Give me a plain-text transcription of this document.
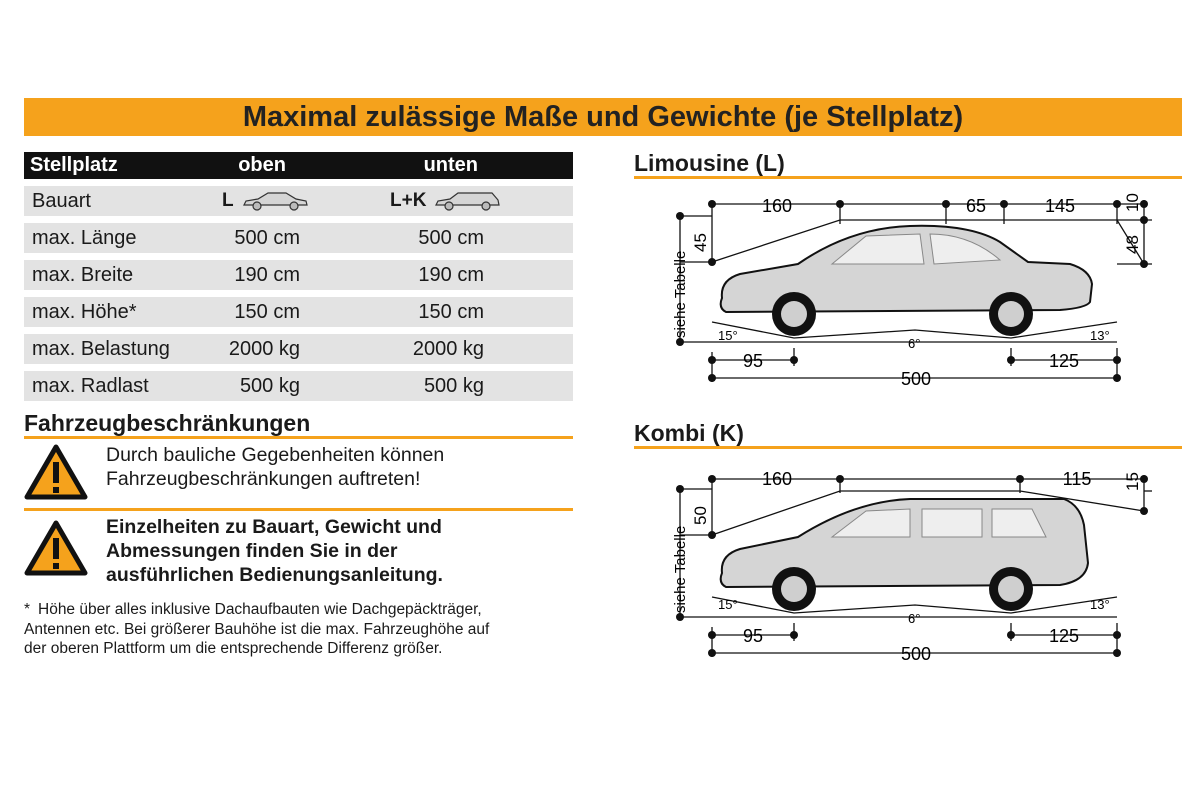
Maximal zulässige Maße und Gewichte (je Stellplatz)
Stellplatz	oben	unten
Bauart	L	L+K
max. Länge	500 cm	500 cm
max. Breite	190 cm	190 cm
max. Höhe*	150 cm	150 cm
max. Belastung	2000 kg	2000 kg
max. Radlast	500 kg	500 kg
Fahrzeugbeschränkungen
Durch bauliche Gegebenheiten können
Fahrzeugbeschränkungen auftreten!
Einzelheiten zu Bauart, Gewicht und
Abmessungen finden Sie in der
ausführlichen Bedienungsanleitung.
* Höhe über alles inklusive Dachaufbauten wie Dachgepäckträger,
Antennen etc. Bei größerer Bauhöhe ist die max. Fahrzeughöhe auf
der oberen Plattform um die entsprechende Differenz größer.
Limousine (L)
160	65	145	10
48
45
siehe Tabelle 15°
6°
13°
95	125
500
Kombi (K)
160	115 15
50
siehe Tabelle 15°
6°
13°
95	125
500
